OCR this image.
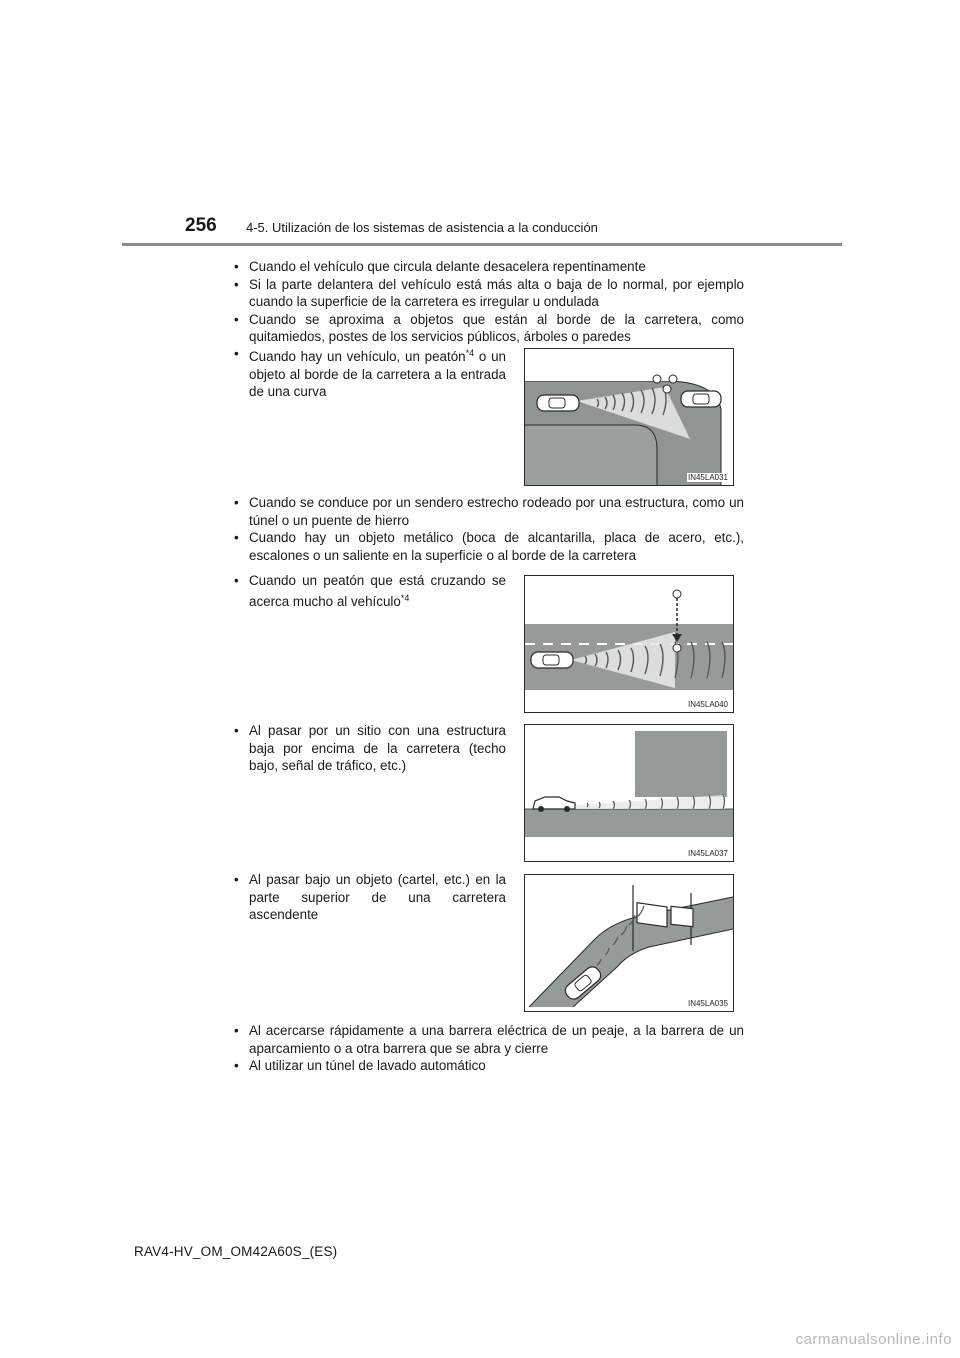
256 4-5. Utilización de los sistemas de asistencia a la conducción
• Cuando el vehículo que circula delante desacelera repentinamente
• Si la parte delantera del vehículo está más alta o baja de lo normal, por ejemplo cuando la superficie de la carretera es irregular u ondulada
• Cuando se aproxima a objetos que están al borde de la carretera, como quitamiedos, postes de los servicios públicos, árboles o paredes
• Cuando hay un vehículo, un peatón$^{*4}$ o un objeto al borde de la carretera a la entrada de una curva
IN45LA031
• Cuando se conduce por un sendero estrecho rodeado por una estructura, como un túnel o un puente de hierro
• Cuando hay un objeto metálico (boca de alcantarilla, placa de acero, etc.), escalones o un saliente en la superficie o al borde de la carretera
• Cuando un peatón que está cruzando se acerca mucho al vehículo$^{*4}$
IN45LA040
• Al pasar por un sitio con una estructura baja por encima de la carretera (techo bajo, señal de tráfico, etc.)
IN45LA037
• Al pasar bajo un objeto (cartel, etc.) en la parte superior de una carretera ascendente
IN45LA035
• Al acercarse rápidamente a una barrera eléctrica de un peaje, a la barrera de un aparcamiento o a otra barrera que se abra y cierre
• Al utilizar un túnel de lavado automático
RAV4-HV_OM_OM42A60S_(ES)
carmanualsonline.info
